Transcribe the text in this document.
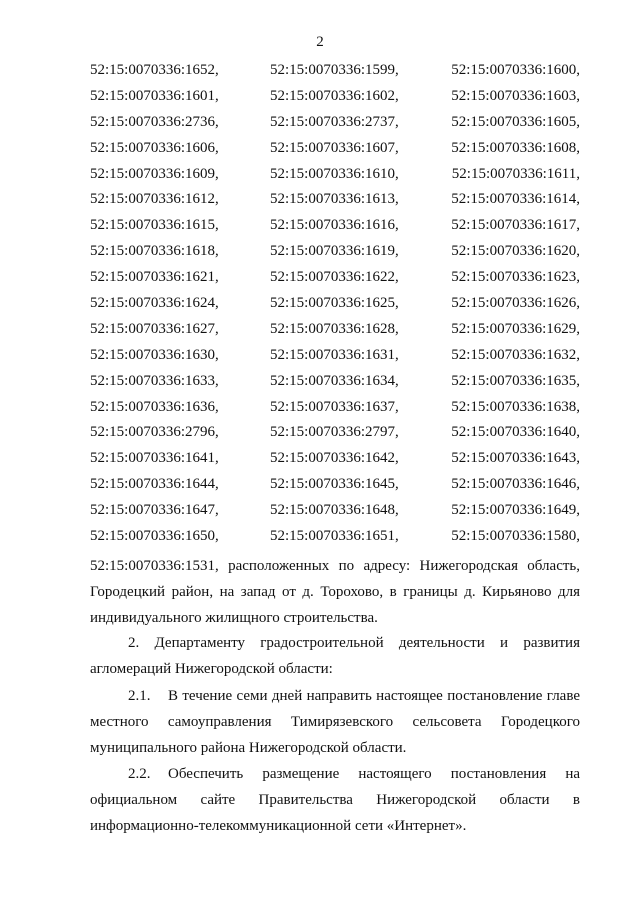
2
52:15:0070336:1652,	52:15:0070336:1599,	52:15:0070336:1600,
52:15:0070336:1601,	52:15:0070336:1602,	52:15:0070336:1603,
52:15:0070336:2736,	52:15:0070336:2737,	52:15:0070336:1605,
52:15:0070336:1606,	52:15:0070336:1607,	52:15:0070336:1608,
52:15:0070336:1609,	52:15:0070336:1610,	52:15:0070336:1611,
52:15:0070336:1612,	52:15:0070336:1613,	52:15:0070336:1614,
52:15:0070336:1615,	52:15:0070336:1616,	52:15:0070336:1617,
52:15:0070336:1618,	52:15:0070336:1619,	52:15:0070336:1620,
52:15:0070336:1621,	52:15:0070336:1622,	52:15:0070336:1623,
52:15:0070336:1624,	52:15:0070336:1625,	52:15:0070336:1626,
52:15:0070336:1627,	52:15:0070336:1628,	52:15:0070336:1629,
52:15:0070336:1630,	52:15:0070336:1631,	52:15:0070336:1632,
52:15:0070336:1633,	52:15:0070336:1634,	52:15:0070336:1635,
52:15:0070336:1636,	52:15:0070336:1637,	52:15:0070336:1638,
52:15:0070336:2796,	52:15:0070336:2797,	52:15:0070336:1640,
52:15:0070336:1641,	52:15:0070336:1642,	52:15:0070336:1643,
52:15:0070336:1644,	52:15:0070336:1645,	52:15:0070336:1646,
52:15:0070336:1647,	52:15:0070336:1648,	52:15:0070336:1649,
52:15:0070336:1650,	52:15:0070336:1651,	52:15:0070336:1580,
52:15:0070336:1531, расположенных по адресу: Нижегородская область,
Городецкий район, на запад от д. Торохово, в границы д. Кирьяново для
индивидуального жилищного строительства.
2. Департаменту градостроительной деятельности и развития
агломераций Нижегородской области:
2.1. В течение семи дней направить настоящее постановление главе
местного самоуправления Тимирязевского сельсовета Городецкого
муниципального района Нижегородской области.
2.2. Обеспечить размещение настоящего постановления на
официальном сайте Правительства Нижегородской области в
информационно-телекоммуникационной сети «Интернет».
